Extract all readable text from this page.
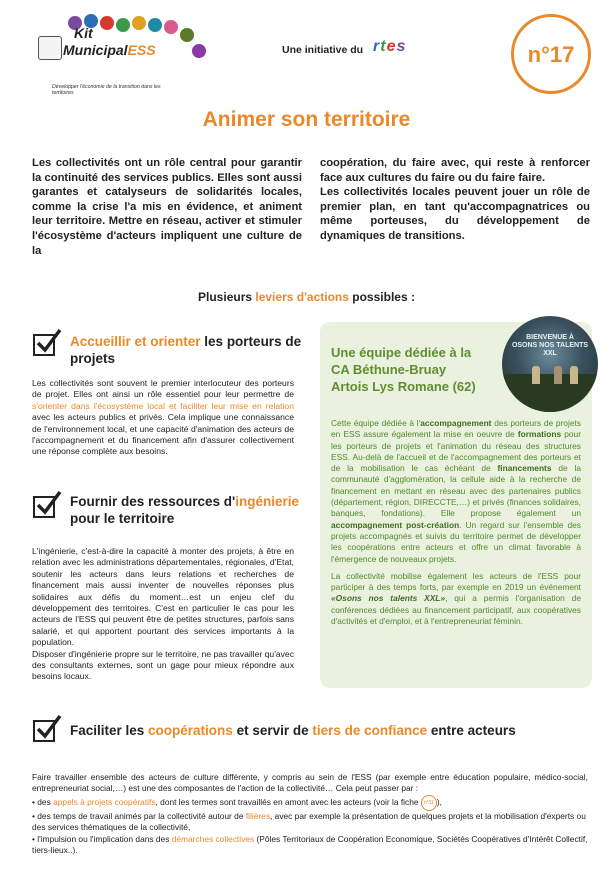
Kit
MunicipalESS
Développer l'économie de la transition dans les territoires
Une initiative du rtes	n°17
Animer son territoire

Les collectivités ont un rôle central pour garantir la continuité des services publics. Elles sont aussi garantes et catalyseurs de solidarités locales, comme la crise l'a mis en évidence, et animent leur territoire. Mettre en réseau, activer et stimuler l'écosystème d'acteurs impliquent une culture de la

coopération, du faire avec, qui reste à renforcer face aux cultures du faire ou du faire faire.

Les collectivités locales peuvent jouer un rôle de premier plan, en tant qu'accompagnatrices ou même porteuses, du développement de dynamiques de transitions.

Plusieurs leviers d'actions possibles :
Accueillir et orienter les porteurs de projets

Les collectivités sont souvent le premier interlocuteur des porteurs de projet. Elles ont ainsi un rôle essentiel pour leur permettre de s'orienter dans l'écosystème local et faciliter leur mise en relation avec les acteurs publics et privés. Cela implique une connaissance de l'environnement local, et une capacité d'animation des acteurs de l'accompagnement et du financement afin d'assurer collectivement une réponse complète aux besoins.

Fournir des ressources d'ingénierie pour le territoire

L'ingénierie, c'est-à-dire la capacité à monter des projets, à être en relation avec les administrations départementales, régionales, d'Etat, soutenir les acteurs dans leurs relations et recherches de financement mais aussi inventer de nouvelles réponses plus solidaires aux défis du moment…est un enjeu clef du développement des territoires. C'est en particulier le cas pour les acteurs de l'ESS qui peuvent être de petites structures, parfois sans salarié, et qui apportent pourtant des services importants à la population.

Disposer d'ingénierie propre sur le territoire, ne pas travailler qu'avec des consultants externes, sont un gage pour mieux répondre aux besoins locaux.

BIENVENUE À
OSONS NOS TALENTS XXL
Une équipe dédiée à la CA Béthune-Bruay Artois Lys Romane (62)

Cette équipe dédiée à l'accompagnement des porteurs de projets en ESS assure également la mise en oeuvre de formations pour les porteurs de projets et l'animation du réseau des structures ESS. Au-delà de l'accueil et de l'accompagnement des porteurs et de la mobilisation le cas échéant de financements de la communauté d'agglomération, la cellule aide à la recherche de financement en mettant en réseau avec des partenaires publics (département, région, DIRECCTE,…) et privés (finances solidaires, banques, fondations). Elle propose également un accompagnement post-création. Un regard sur l'ensemble des projets accompagnés et suivis du territoire permet de développer les coopérations entre acteurs et offre un climat favorable à l'émergence de nouveaux projets.

La collectivité mobilise également les acteurs de l'ESS pour participer à des temps forts, par exemple en 2019 un événement «Osons nos talents XXL», qui a permis l'organisation de conférences dédiées au financement participatif, aux coopératives d'activités et d'emploi, et à l'entrepreneuriat féminin.

Faciliter les coopérations et servir de tiers de confiance entre acteurs

Faire travailler ensemble des acteurs de culture différente, y compris au sein de l'ESS (par exemple entre éducation populaire, médico-social, entrepreneuriat social,…) est une des composantes de l'action de la collectivité… Cela peut passer par :

• des appels à projets coopératifs, dont les termes sont travaillés en amont avec les acteurs (voir la fiche n°11 ),

• des temps de travail animés par la collectivité autour de filières, avec par exemple la présentation de quelques projets et la mobilisation d'experts ou des services thématiques de la collectivité,

• l'impulsion ou l'implication dans des démarches collectives (Pôles Territoriaux de Coopération Economique, Sociétés Coopératives d'Intérêt Collectif, tiers-lieux..).
